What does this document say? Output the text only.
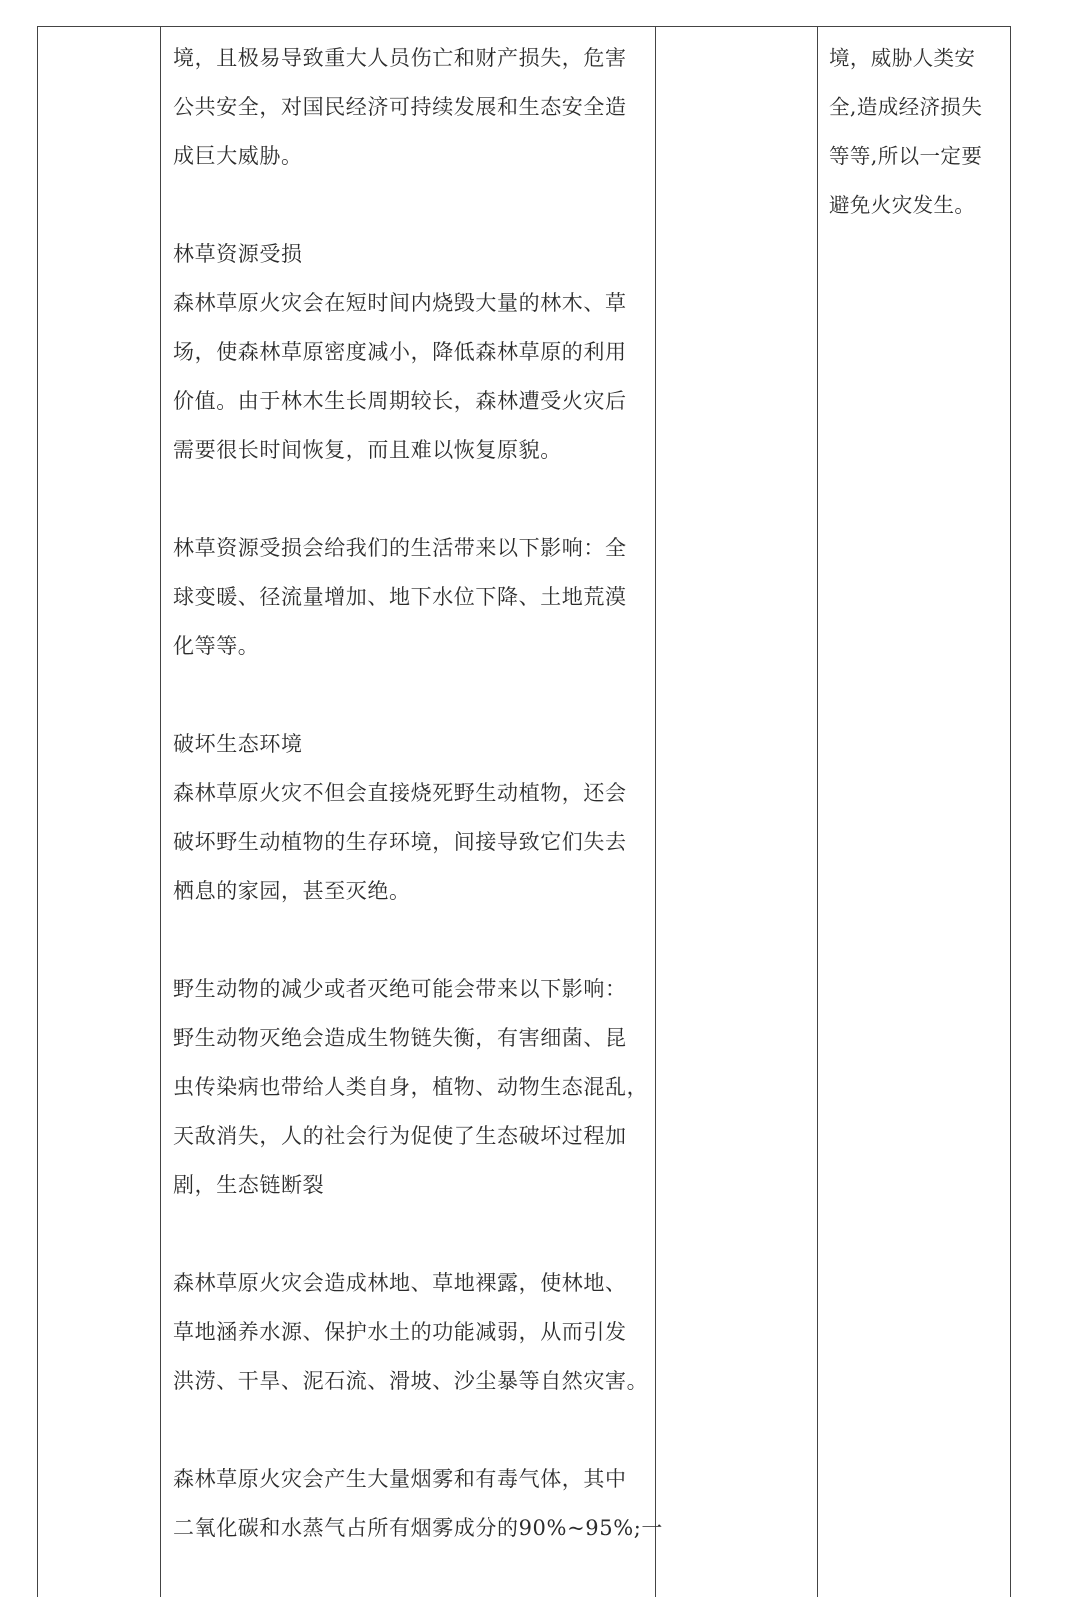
境，且极易导致重大人员伤亡和财产损失，危害
公共安全，对国民经济可持续发展和生态安全造
成巨大威胁。
林草资源受损
森林草原火灾会在短时间内烧毁大量的林木、草
场，使森林草原密度减小，降低森林草原的利用
价值。由于林木生长周期较长，森林遭受火灾后
需要很长时间恢复，而且难以恢复原貌。
林草资源受损会给我们的生活带来以下影响：全
球变暖、径流量增加、地下水位下降、土地荒漠
化等等。
破坏生态环境
森林草原火灾不但会直接烧死野生动植物，还会
破坏野生动植物的生存环境，间接导致它们失去
栖息的家园，甚至灭绝。
野生动物的减少或者灭绝可能会带来以下影响：
野生动物灭绝会造成生物链失衡，有害细菌、昆
虫传染病也带给人类自身，植物、动物生态混乱，
天敌消失，人的社会行为促使了生态破坏过程加
剧，生态链断裂
森林草原火灾会造成林地、草地裸露，使林地、
草地涵养水源、保护水土的功能减弱，从而引发
洪涝、干旱、泥石流、滑坡、沙尘暴等自然灾害。
森林草原火灾会产生大量烟雾和有毒气体，其中
二氧化碳和水蒸气占所有烟雾成分的90%~95%;一
境，威胁人类安
全,造成经济损失
等等,所以一定要
避免火灾发生。
